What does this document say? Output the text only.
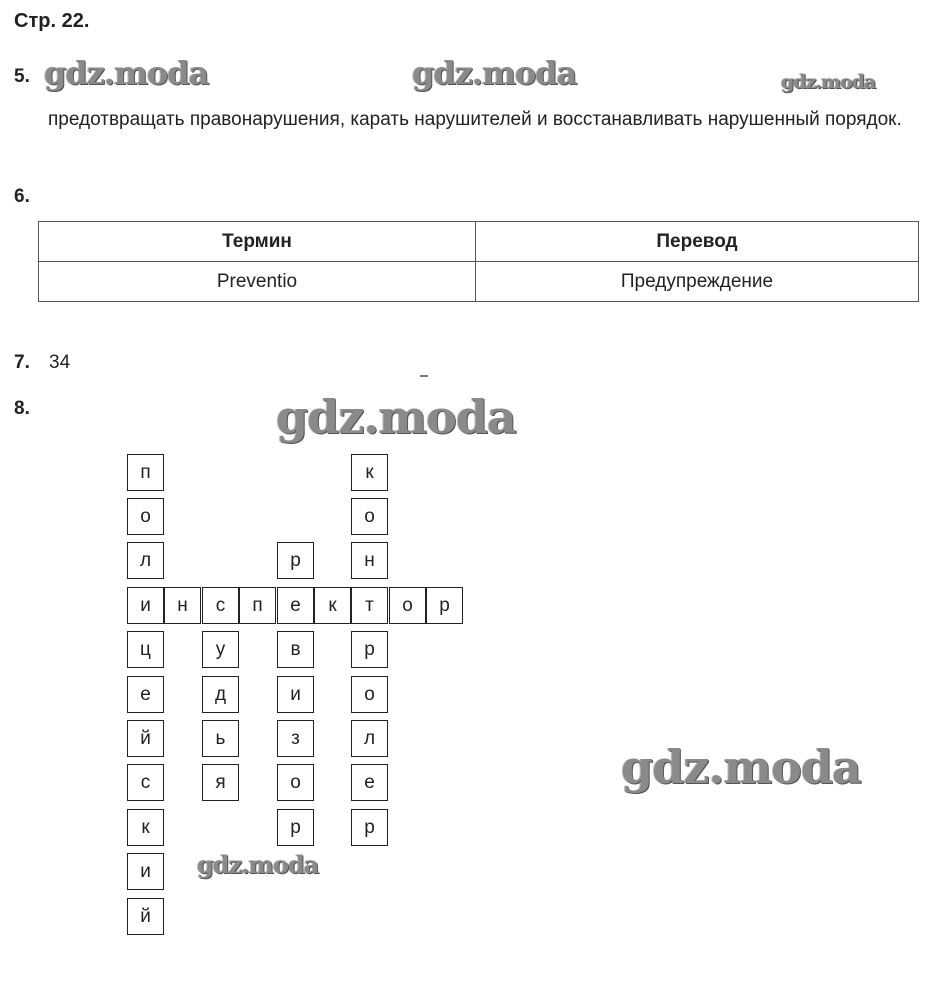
Стр. 22.
5.
предотвращать правонарушения, карать нарушителей и восстанавливать нарушенный порядок.
6.
Термин	Перевод
Preventio	Предупреждение
7. 34
8.
п
о
л
и
ц
е
й
с
к
и
й
н	с	п	е	к	т	о	р
у
д
ь
я
р
в
и
з
о
р
к
о
н
р
о
л
е
р
gdz.moda	gdz.moda	gdz.moda
gdz.moda
gdz.moda
gdz.moda
